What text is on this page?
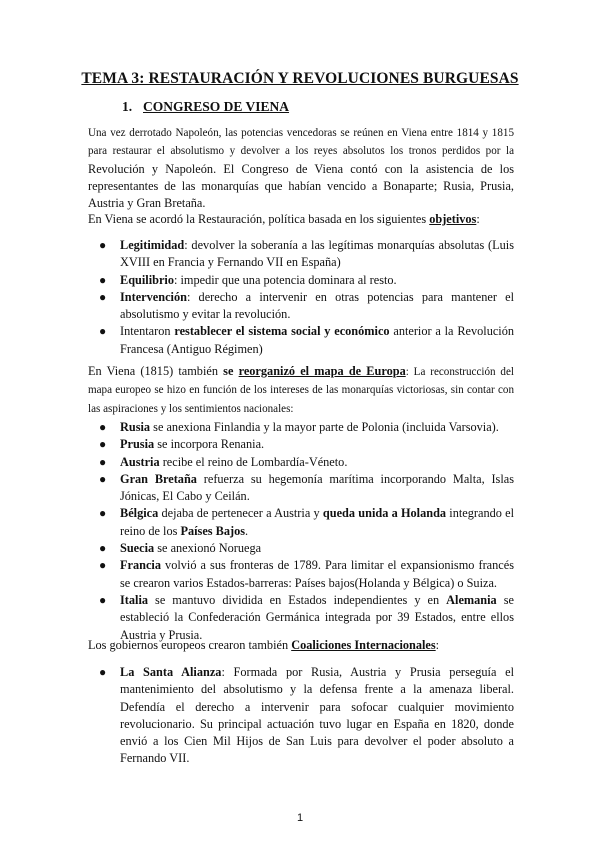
TEMA 3: RESTAURACIÓN Y REVOLUCIONES BURGUESAS
1. CONGRESO DE VIENA

Una vez derrotado Napoleón, las potencias vencedoras se reúnen en Viena entre 1814 y 1815 para restaurar el absolutismo y devolver a los reyes absolutos los tronos perdidos por la Revolución y Napoleón. El Congreso de Viena contó con la asistencia de los representantes de las monarquías que habían vencido a Bonaparte; Rusia, Prusia, Austria y Gran Bretaña.

En Viena se acordó la Restauración, política basada en los siguientes objetivos:

● Legitimidad: devolver la soberanía a las legítimas monarquías absolutas (Luis XVIII en Francia y Fernando VII en España)
● Equilibrio: impedir que una potencia dominara al resto.
● Intervención: derecho a intervenir en otras potencias para mantener el absolutismo y evitar la revolución.
● Intentaron restablecer el sistema social y económico anterior a la Revolución Francesa (Antiguo Régimen)

En Viena (1815) también se reorganizó el mapa de Europa: La reconstrucción del mapa europeo se hizo en función de los intereses de las monarquías victoriosas, sin contar con las aspiraciones y los sentimientos nacionales:

● Rusia se anexiona Finlandia y la mayor parte de Polonia (incluida Varsovia).
● Prusia se incorpora Renania.
● Austria recibe el reino de Lombardía-Véneto.
● Gran Bretaña refuerza su hegemonía marítima incorporando Malta, Islas Jónicas, El Cabo y Ceilán.
● Bélgica dejaba de pertenecer a Austria y queda unida a Holanda integrando el reino de los Países Bajos.
● Suecia se anexionó Noruega
● Francia volvió a sus fronteras de 1789. Para limitar el expansionismo francés se crearon varios Estados-barreras: Países bajos(Holanda y Bélgica) o Suiza.
● Italia se mantuvo dividida en Estados independientes y en Alemania se estableció la Confederación Germánica integrada por 39 Estados, entre ellos Austria y Prusia.

Los gobiernos europeos crearon también Coaliciones Internacionales:

● La Santa Alianza: Formada por Rusia, Austria y Prusia perseguía el mantenimiento del absolutismo y la defensa frente a la amenaza liberal. Defendía el derecho a intervenir para sofocar cualquier movimiento revolucionario. Su principal actuación tuvo lugar en España en 1820, donde envió a los Cien Mil Hijos de San Luis para devolver el poder absoluto a Fernando VII.
1
